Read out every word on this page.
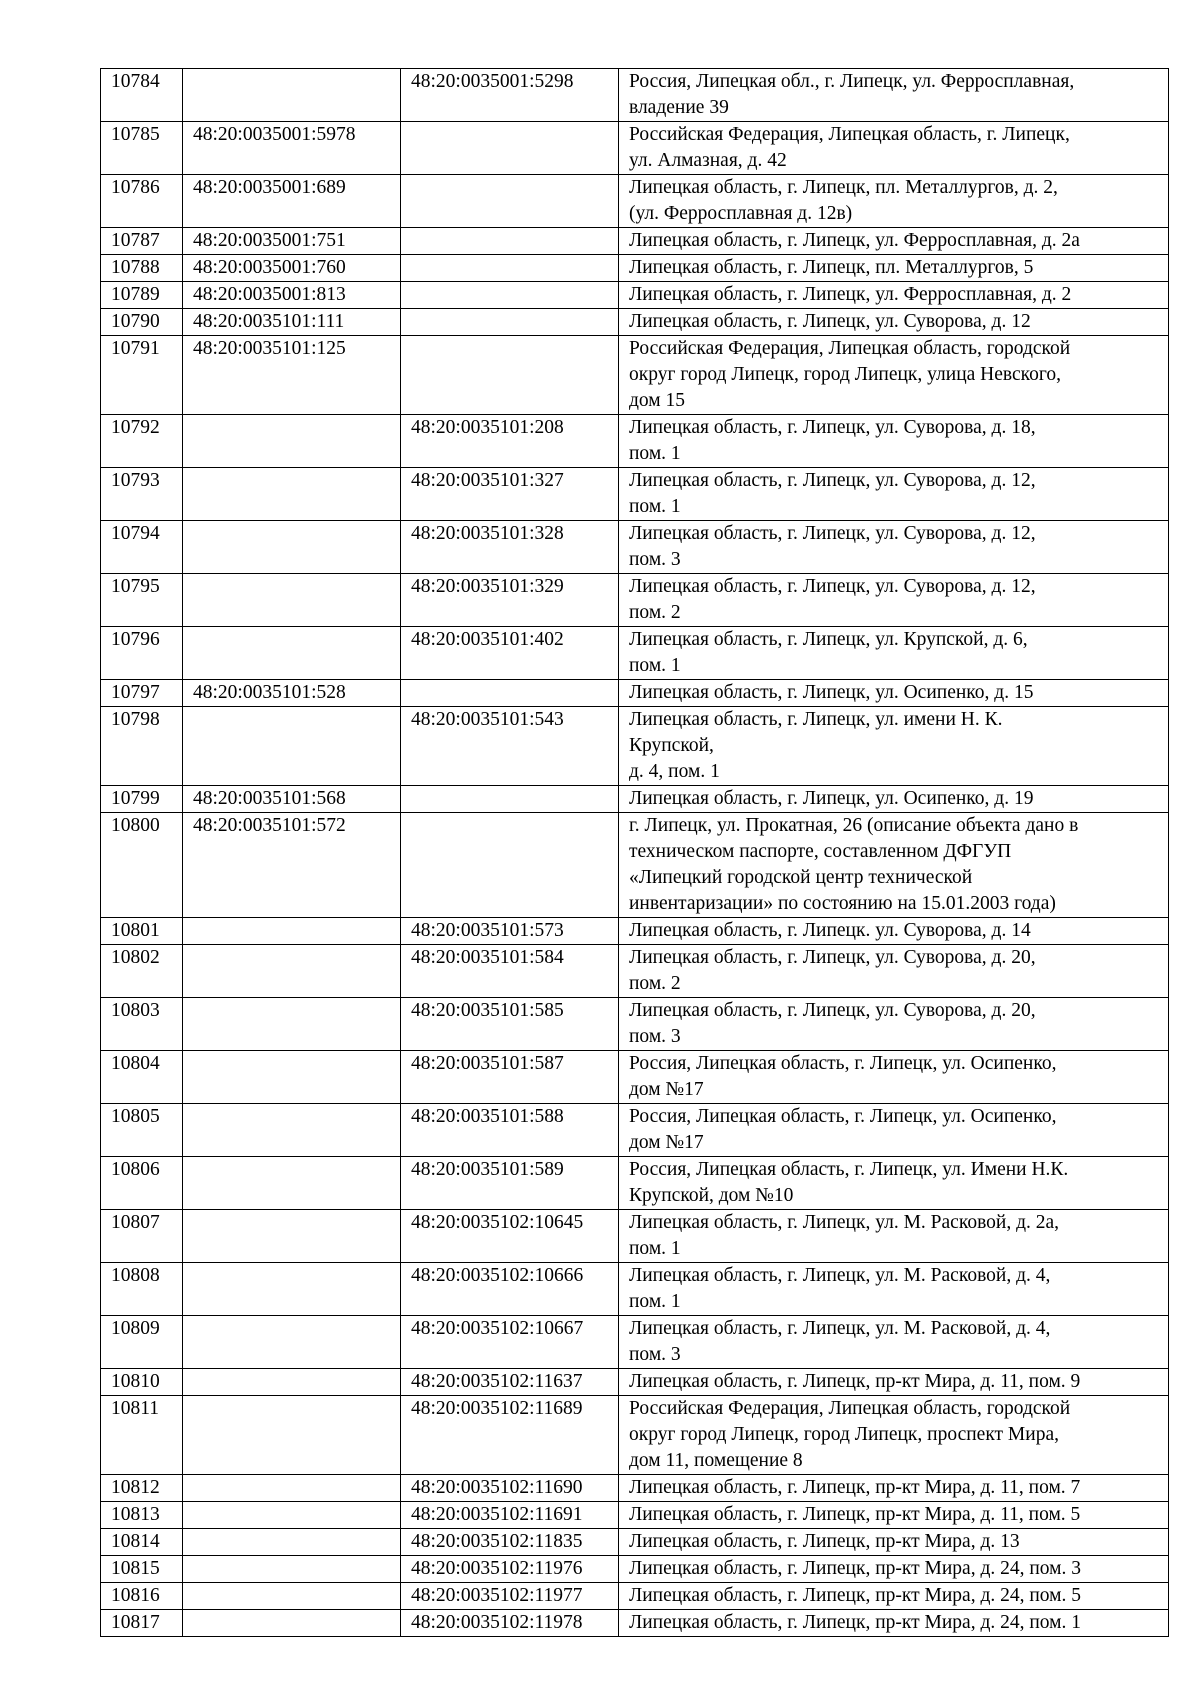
10784		48:20:0035001:5298	Россия, Липецкая обл., г. Липецк, ул. Ферросплавная,
владение 39
10785	48:20:0035001:5978		Российская Федерация, Липецкая область, г. Липецк,
ул. Алмазная, д. 42
10786	48:20:0035001:689		Липецкая область, г. Липецк, пл. Металлургов, д. 2,
(ул. Ферросплавная д. 12в)
10787	48:20:0035001:751		Липецкая область, г. Липецк, ул. Ферросплавная, д. 2а
10788	48:20:0035001:760		Липецкая область, г. Липецк, пл. Металлургов, 5
10789	48:20:0035001:813		Липецкая область, г. Липецк, ул. Ферросплавная, д. 2
10790	48:20:0035101:111		Липецкая область, г. Липецк, ул. Суворова, д. 12
10791	48:20:0035101:125		Российская Федерация, Липецкая область, городской
округ город Липецк, город Липецк, улица Невского,
дом 15
10792		48:20:0035101:208	Липецкая область, г. Липецк, ул. Суворова, д. 18,
пом. 1
10793		48:20:0035101:327	Липецкая область, г. Липецк, ул. Суворова, д. 12,
пом. 1
10794		48:20:0035101:328	Липецкая область, г. Липецк, ул. Суворова, д. 12,
пом. 3
10795		48:20:0035101:329	Липецкая область, г. Липецк, ул. Суворова, д. 12,
пом. 2
10796		48:20:0035101:402	Липецкая область, г. Липецк, ул. Крупской, д. 6,
пом. 1
10797	48:20:0035101:528		Липецкая область, г. Липецк, ул. Осипенко, д. 15
10798		48:20:0035101:543	Липецкая область, г. Липецк, ул. имени Н. К.
Крупской,
д. 4, пом. 1
10799	48:20:0035101:568		Липецкая область, г. Липецк, ул. Осипенко, д. 19
10800	48:20:0035101:572		г. Липецк, ул. Прокатная, 26 (описание объекта дано в
техническом паспорте, составленном ДФГУП
«Липецкий городской центр технической
инвентаризации» по состоянию на 15.01.2003 года)
10801		48:20:0035101:573	Липецкая область, г. Липецк. ул. Суворова, д. 14
10802		48:20:0035101:584	Липецкая область, г. Липецк, ул. Суворова, д. 20,
пом. 2
10803		48:20:0035101:585	Липецкая область, г. Липецк, ул. Суворова, д. 20,
пом. 3
10804		48:20:0035101:587	Россия, Липецкая область, г. Липецк, ул. Осипенко,
дом №17
10805		48:20:0035101:588	Россия, Липецкая область, г. Липецк, ул. Осипенко,
дом №17
10806		48:20:0035101:589	Россия, Липецкая область, г. Липецк, ул. Имени Н.К.
Крупской, дом №10
10807		48:20:0035102:10645	Липецкая область, г. Липецк, ул. М. Расковой, д. 2а,
пом. 1
10808		48:20:0035102:10666	Липецкая область, г. Липецк, ул. М. Расковой, д. 4,
пом. 1
10809		48:20:0035102:10667	Липецкая область, г. Липецк, ул. М. Расковой, д. 4,
пом. 3
10810		48:20:0035102:11637	Липецкая область, г. Липецк, пр-кт Мира, д. 11, пом. 9
10811		48:20:0035102:11689	Российская Федерация, Липецкая область, городской
округ город Липецк, город Липецк, проспект Мира,
дом 11, помещение 8
10812		48:20:0035102:11690	Липецкая область, г. Липецк, пр-кт Мира, д. 11, пом. 7
10813		48:20:0035102:11691	Липецкая область, г. Липецк, пр-кт Мира, д. 11, пом. 5
10814		48:20:0035102:11835	Липецкая область, г. Липецк, пр-кт Мира, д. 13
10815		48:20:0035102:11976	Липецкая область, г. Липецк, пр-кт Мира, д. 24, пом. 3
10816		48:20:0035102:11977	Липецкая область, г. Липецк, пр-кт Мира, д. 24, пом. 5
10817		48:20:0035102:11978	Липецкая область, г. Липецк, пр-кт Мира, д. 24, пом. 1
